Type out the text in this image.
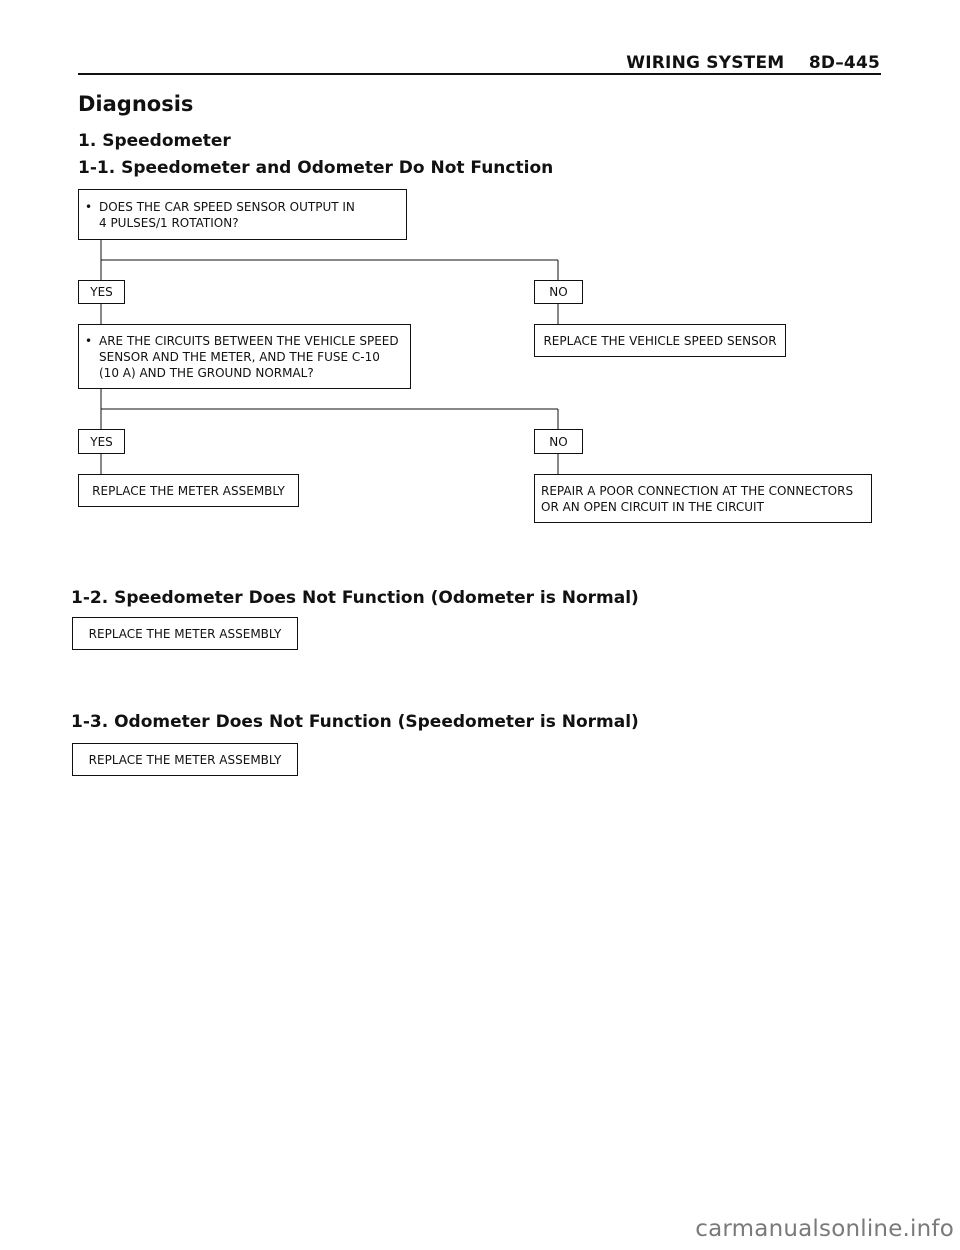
WIRING SYSTEM    8D–445
Diagnosis
1. Speedometer
1-1. Speedometer and Odometer Do Not Function
• DOES THE CAR SPEED SENSOR OUTPUT IN
4 PULSES/1 ROTATION?
YES	NO
• ARE THE CIRCUITS BETWEEN THE VEHICLE SPEED
SENSOR AND THE METER, AND THE FUSE C-10
(10 A) AND THE GROUND NORMAL?
REPLACE THE VEHICLE SPEED SENSOR
YES	NO
REPLACE THE METER ASSEMBLY	REPAIR A POOR CONNECTION AT THE CONNECTORS
OR AN OPEN CIRCUIT IN THE CIRCUIT
1-2. Speedometer Does Not Function (Odometer is Normal)
REPLACE THE METER ASSEMBLY
1-3. Odometer Does Not Function (Speedometer is Normal)
REPLACE THE METER ASSEMBLY
carmanualsonline.info
